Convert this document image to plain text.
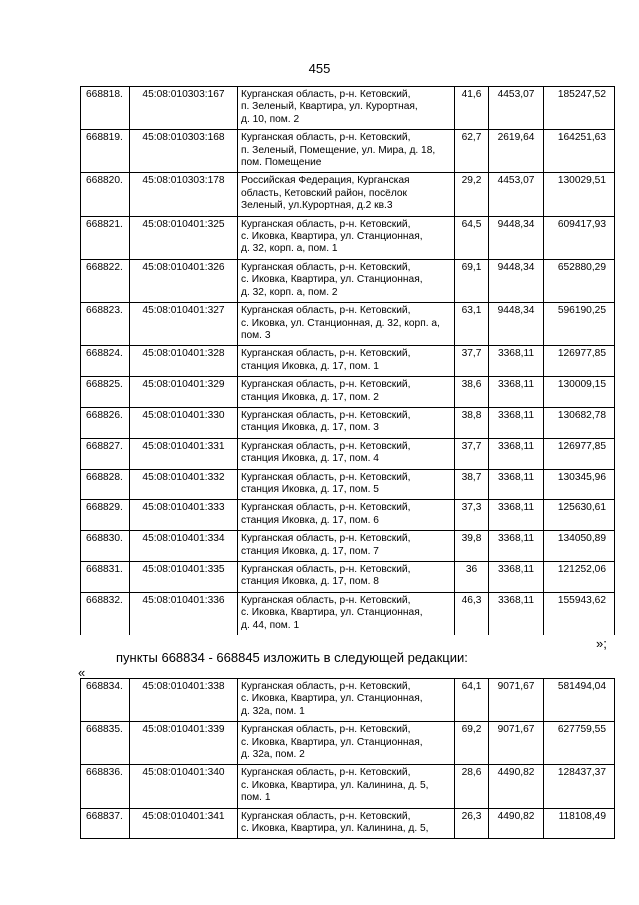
455
668818.	45:08:010303:167	Курганская область, р-н. Кетовский,
п. Зеленый, Квартира, ул. Курортная,
д. 10, пом. 2	41,6	4453,07	185247,52
668819.	45:08:010303:168	Курганская область, р-н. Кетовский,
п. Зеленый, Помещение, ул. Мира, д. 18,
пом. Помещение	62,7	2619,64	164251,63
668820.	45:08:010303:178	Российская Федерация, Курганская
область, Кетовский район, посёлок
Зеленый, ул.Курортная, д.2 кв.3	29,2	4453,07	130029,51
668821.	45:08:010401:325	Курганская область, р-н. Кетовский,
с. Иковка, Квартира, ул. Станционная,
д. 32, корп. а, пом. 1	64,5	9448,34	609417,93
668822.	45:08:010401:326	Курганская область, р-н. Кетовский,
с. Иковка, Квартира, ул. Станционная,
д. 32, корп. а, пом. 2	69,1	9448,34	652880,29
668823.	45:08:010401:327	Курганская область, р-н. Кетовский,
с. Иковка, ул. Станционная, д. 32, корп. а,
пом. 3	63,1	9448,34	596190,25
668824.	45:08:010401:328	Курганская область, р-н. Кетовский,
станция Иковка, д. 17, пом. 1	37,7	3368,11	126977,85
668825.	45:08:010401:329	Курганская область, р-н. Кетовский,
станция Иковка, д. 17, пом. 2	38,6	3368,11	130009,15
668826.	45:08:010401:330	Курганская область, р-н. Кетовский,
станция Иковка, д. 17, пом. 3	38,8	3368,11	130682,78
668827.	45:08:010401:331	Курганская область, р-н. Кетовский,
станция Иковка, д. 17, пом. 4	37,7	3368,11	126977,85
668828.	45:08:010401:332	Курганская область, р-н. Кетовский,
станция Иковка, д. 17, пом. 5	38,7	3368,11	130345,96
668829.	45:08:010401:333	Курганская область, р-н. Кетовский,
станция Иковка, д. 17, пом. 6	37,3	3368,11	125630,61
668830.	45:08:010401:334	Курганская область, р-н. Кетовский,
станция Иковка, д. 17, пом. 7	39,8	3368,11	134050,89
668831.	45:08:010401:335	Курганская область, р-н. Кетовский,
станция Иковка, д. 17, пом. 8	36	3368,11	121252,06
668832.	45:08:010401:336	Курганская область, р-н. Кетовский,
с. Иковка, Квартира, ул. Станционная,
д. 44, пом. 1	46,3	3368,11	155943,62
»;
пункты 668834 - 668845 изложить в следующей редакции:
«
668834.	45:08:010401:338	Курганская область, р-н. Кетовский,
с. Иковка, Квартира, ул. Станционная,
д. 32а, пом. 1	64,1	9071,67	581494,04
668835.	45:08:010401:339	Курганская область, р-н. Кетовский,
с. Иковка, Квартира, ул. Станционная,
д. 32а, пом. 2	69,2	9071,67	627759,55
668836.	45:08:010401:340	Курганская область, р-н. Кетовский,
с. Иковка, Квартира, ул. Калинина, д. 5,
пом. 1	28,6	4490,82	128437,37
668837.	45:08:010401:341	Курганская область, р-н. Кетовский,
с. Иковка, Квартира, ул. Калинина, д. 5,	26,3	4490,82	118108,49
